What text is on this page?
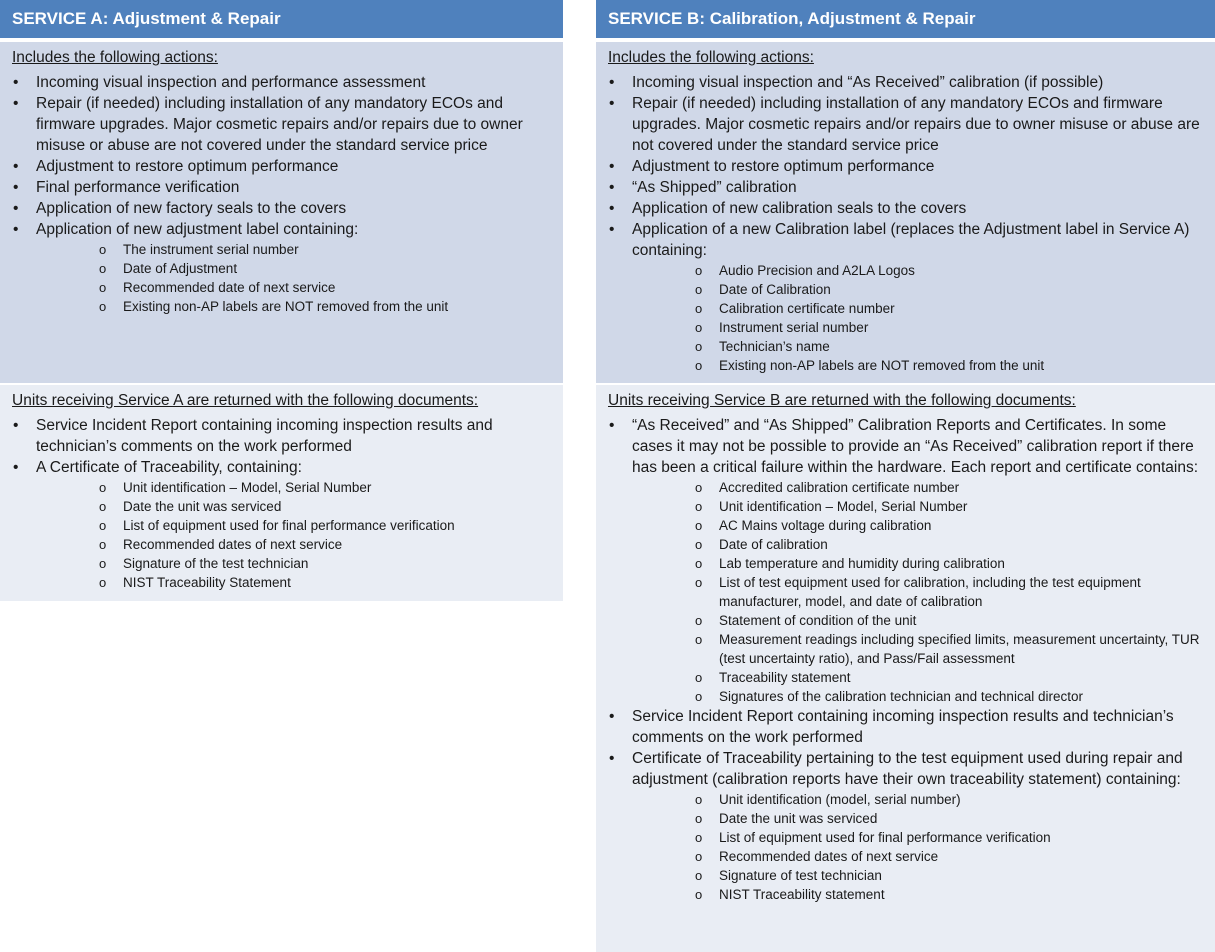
SERVICE A: Adjustment & Repair
Includes the following actions:
• Incoming visual inspection and performance assessment
• Repair (if needed) including installation of any mandatory ECOs and firmware upgrades. Major cosmetic repairs and/or repairs due to owner misuse or abuse are not covered under the standard service price
• Adjustment to restore optimum performance
• Final performance verification
• Application of new factory seals to the covers
• Application of new adjustment label containing:
o The instrument serial number
o Date of Adjustment
o Recommended date of next service
o Existing non-AP labels are NOT removed from the unit
Units receiving Service A are returned with the following documents:
• Service Incident Report containing incoming inspection results and technician’s comments on the work performed
• A Certificate of Traceability, containing:
o Unit identification – Model, Serial Number
o Date the unit was serviced
o List of equipment used for final performance verification
o Recommended dates of next service
o Signature of the test technician
o NIST Traceability Statement
SERVICE B: Calibration, Adjustment & Repair
Includes the following actions:
• Incoming visual inspection and “As Received” calibration (if possible)
• Repair (if needed) including installation of any mandatory ECOs and firmware upgrades. Major cosmetic repairs and/or repairs due to owner misuse or abuse are not covered under the standard service price
• Adjustment to restore optimum performance
• “As Shipped” calibration
• Application of new calibration seals to the covers
• Application of a new Calibration label (replaces the Adjustment label in Service A) containing:
o Audio Precision and A2LA Logos
o Date of Calibration
o Calibration certificate number
o Instrument serial number
o Technician’s name
o Existing non-AP labels are NOT removed from the unit
Units receiving Service B are returned with the following documents:
• “As Received” and “As Shipped” Calibration Reports and Certificates. In some cases it may not be possible to provide an “As Received” calibration report if there has been a critical failure within the hardware. Each report and certificate contains:
o Accredited calibration certificate number
o Unit identification – Model, Serial Number
o AC Mains voltage during calibration
o Date of calibration
o Lab temperature and humidity during calibration
o List of test equipment used for calibration, including the test equipment manufacturer, model, and date of calibration
o Statement of condition of the unit
o Measurement readings including specified limits, measurement uncertainty, TUR (test uncertainty ratio), and Pass/Fail assessment
o Traceability statement
o Signatures of the calibration technician and technical director
• Service Incident Report containing incoming inspection results and technician’s comments on the work performed
• Certificate of Traceability pertaining to the test equipment used during repair and adjustment (calibration reports have their own traceability statement) containing:
o Unit identification (model, serial number)
o Date the unit was serviced
o List of equipment used for final performance verification
o Recommended dates of next service
o Signature of test technician
o NIST Traceability statement
